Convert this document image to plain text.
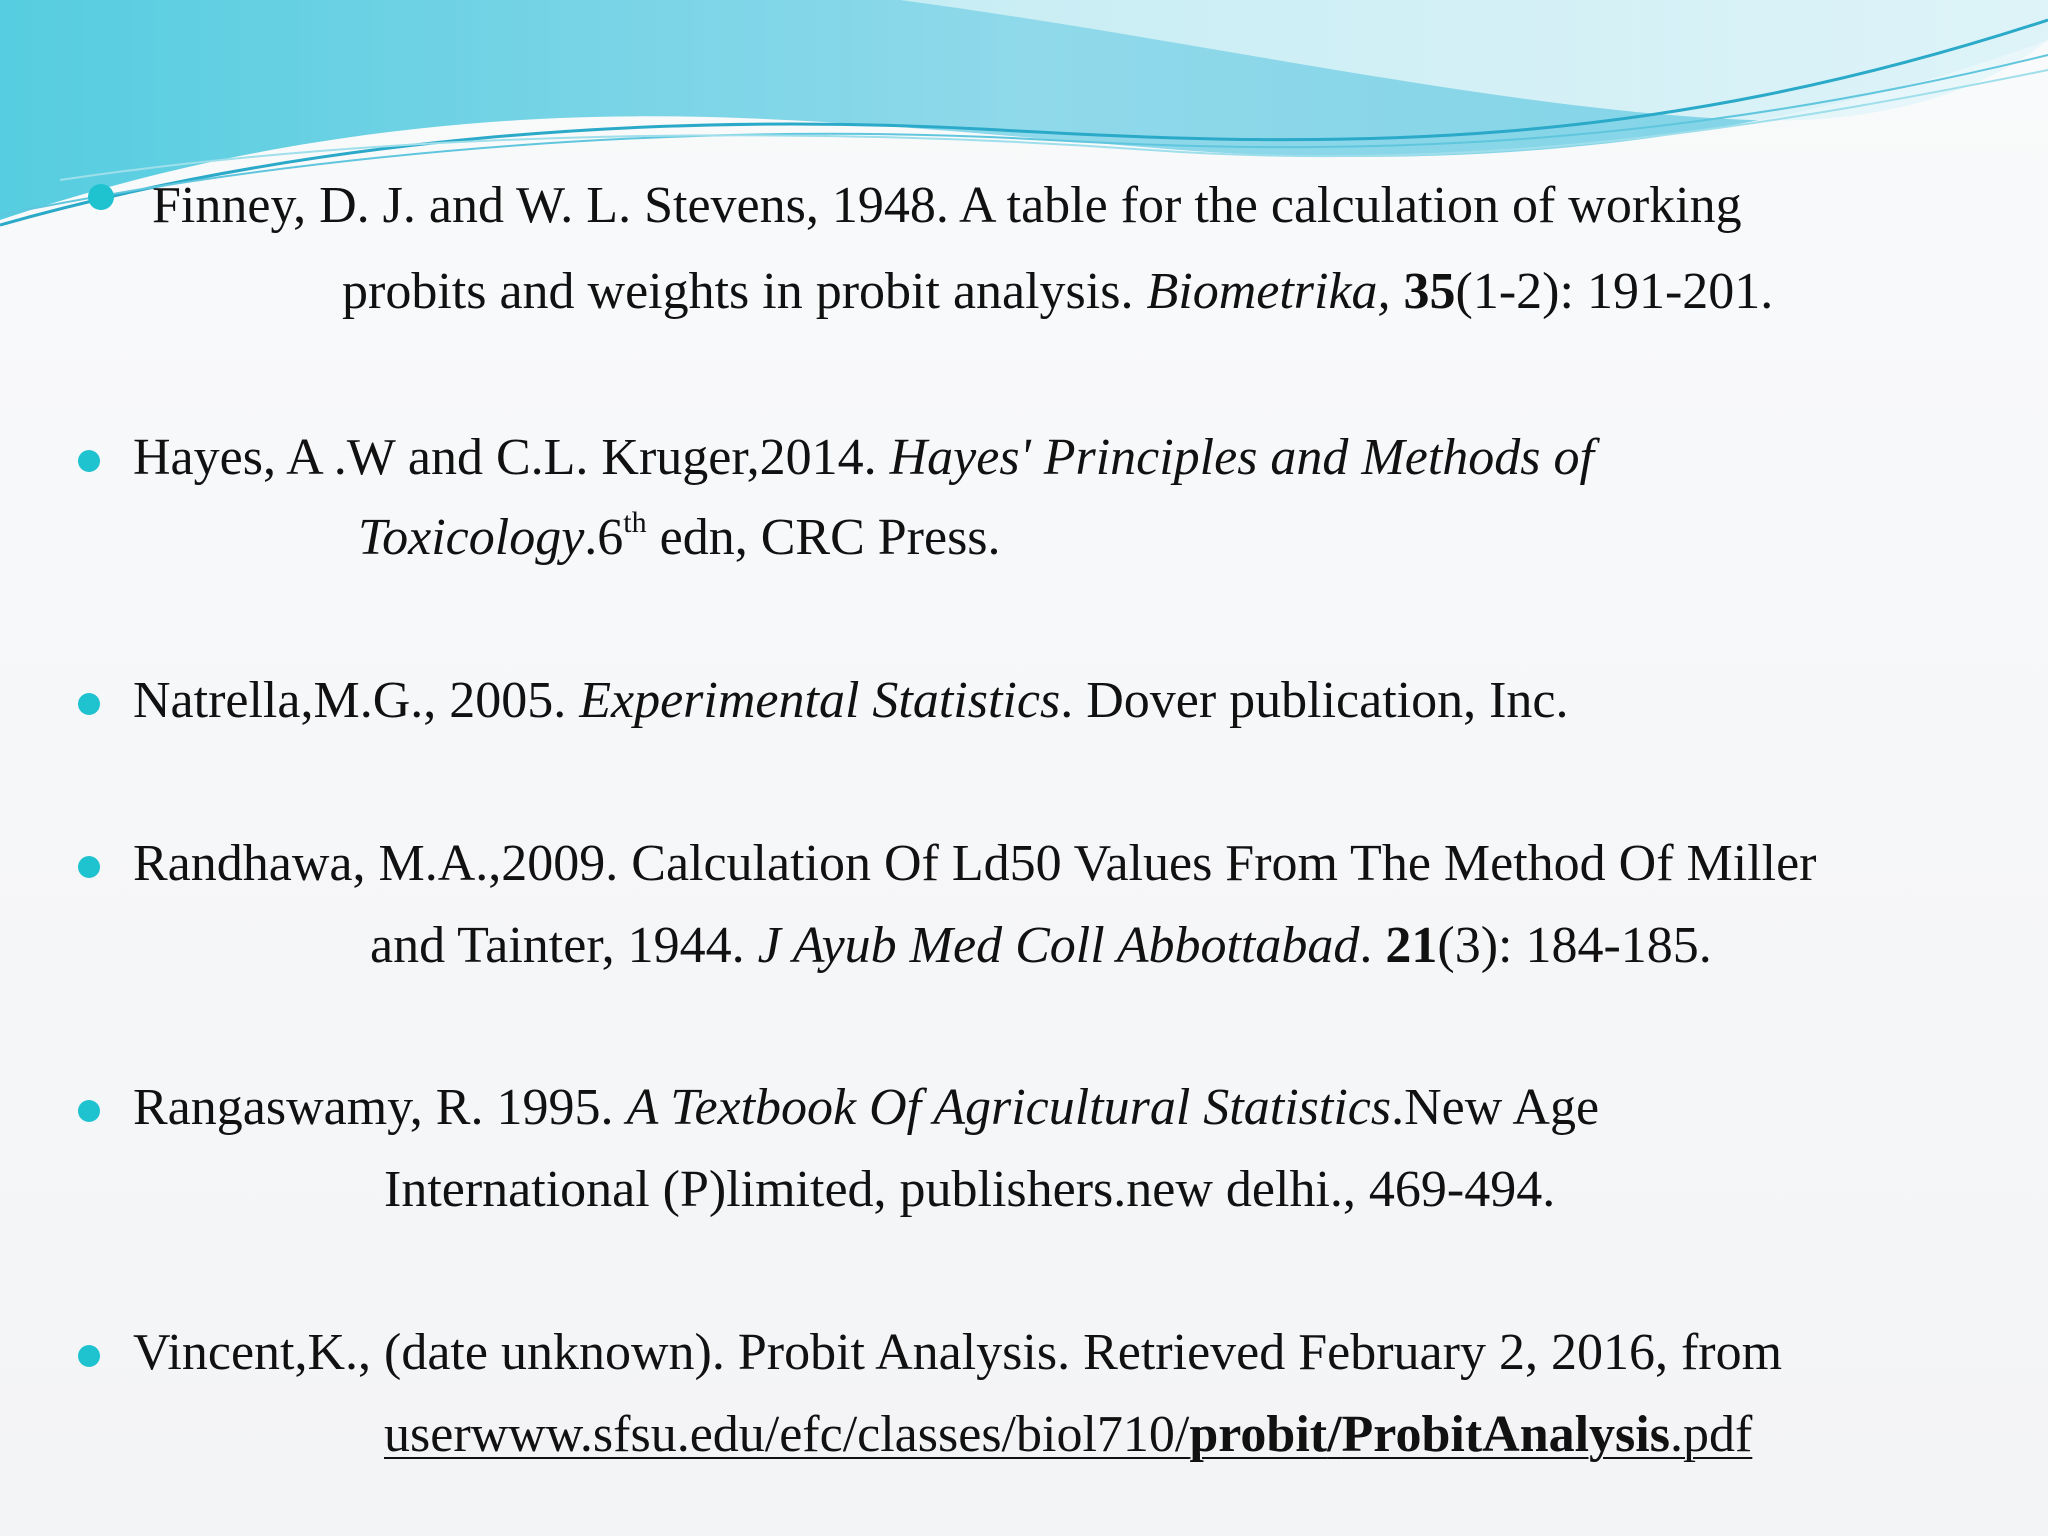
Finney, D. J. and W. L. Stevens, 1948. A table for the calculation of working
probits and weights in probit analysis. Biometrika, 35(1-2): 191-201.
Hayes, A .W and C.L. Kruger,2014. Hayes' Principles and Methods of
Toxicology.6th edn, CRC Press.
Natrella,M.G., 2005. Experimental Statistics. Dover publication, Inc.
Randhawa, M.A.,2009. Calculation Of Ld50 Values From The Method Of Miller
and Tainter, 1944. J Ayub Med Coll Abbottabad. 21(3): 184-185.
Rangaswamy, R. 1995. A Textbook Of Agricultural Statistics.New Age
International (P)limited, publishers.new delhi., 469-494.
Vincent,K., (date unknown). Probit Analysis. Retrieved February 2, 2016, from
userwww.sfsu.edu/efc/classes/biol710/probit/ProbitAnalysis.pdf
